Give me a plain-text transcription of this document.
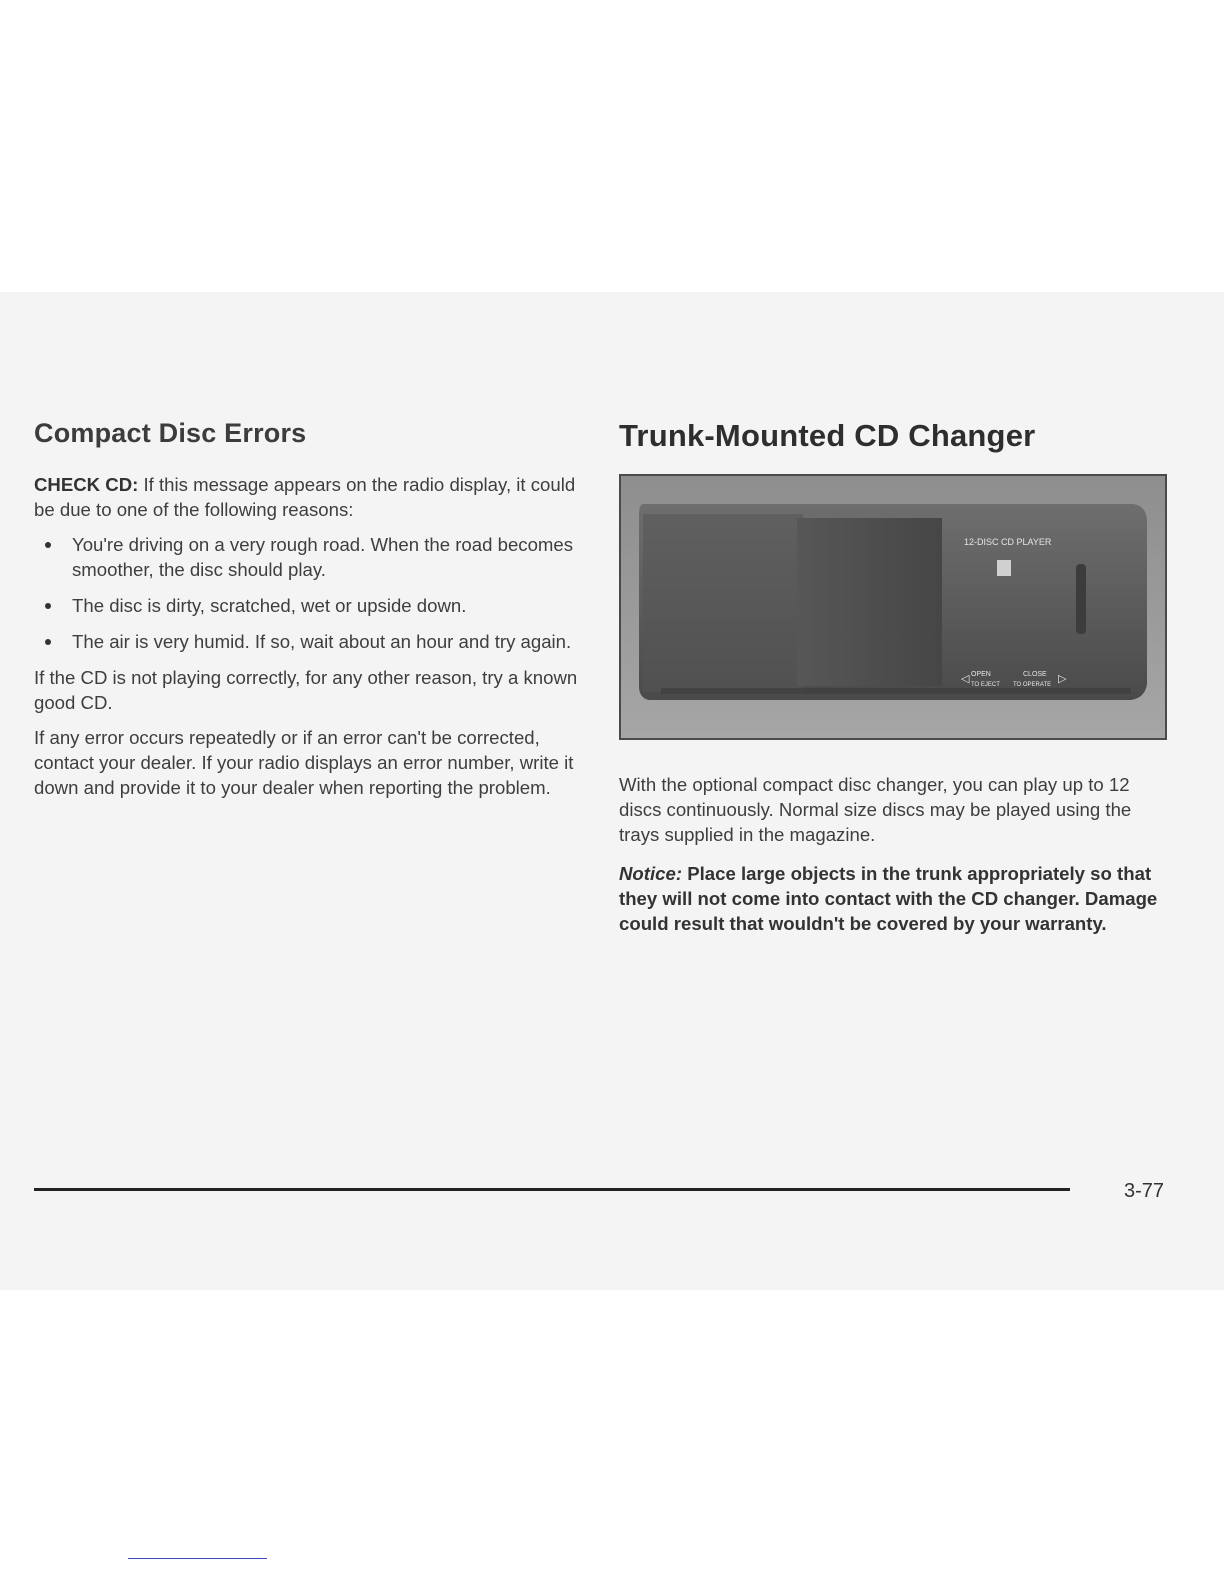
Compact Disc Errors

CHECK CD: If this message appears on the radio display, it could be due to one of the following reasons:

You're driving on a very rough road. When the road becomes smoother, the disc should play.
The disc is dirty, scratched, wet or upside down.
The air is very humid. If so, wait about an hour and try again.

If the CD is not playing correctly, for any other reason, try a known good CD.

If any error occurs repeatedly or if an error can't be corrected, contact your dealer. If your radio displays an error number, write it down and provide it to your dealer when reporting the problem.

Trunk-Mounted CD Changer
12-DISC CD PLAYER
◁ OPEN
TO EJECT
CLOSE
TO OPERATE ▷

With the optional compact disc changer, you can play up to 12 discs continuously. Normal size discs may be played using the trays supplied in the magazine.

Notice: Place large objects in the trunk appropriately so that they will not come into contact with the CD changer. Damage could result that wouldn't be covered by your warranty.

3-77
